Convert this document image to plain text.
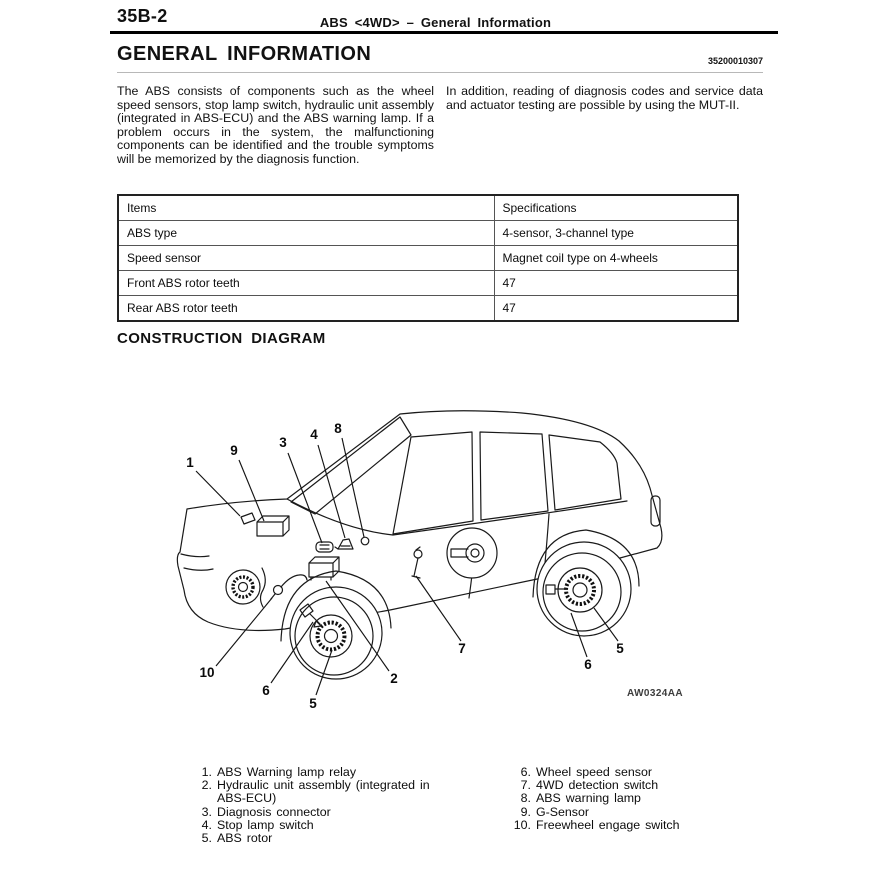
35B-2	ABS <4WD> – General Information
GENERAL INFORMATION	35200010307

The ABS consists of components such as the wheel speed sensors, stop lamp switch, hydraulic unit assembly (integrated in ABS-ECU) and the ABS warning lamp. If a problem occurs in the system, the malfunctioning components can be identified and the trouble symptoms will be memorized by the diagnosis function.

In addition, reading of diagnosis codes and service data and actuator testing are possible by using the MUT-II.

Items	Specifications
ABS type	4-sensor, 3-channel type
Speed sensor	Magnet coil type on 4-wheels
Front ABS rotor teeth	47
Rear ABS rotor teeth	47
CONSTRUCTION DIAGRAM
1
9
3
4 8
2
7
10
6
5
6
5
AW0324AA
1. ABS Warning lamp relay
2. Hydraulic unit assembly (integrated in ABS-ECU)
3. Diagnosis connector
4. Stop lamp switch
5. ABS rotor
6. Wheel speed sensor
7. 4WD detection switch
8. ABS warning lamp
9. G-Sensor
10. Freewheel engage switch
